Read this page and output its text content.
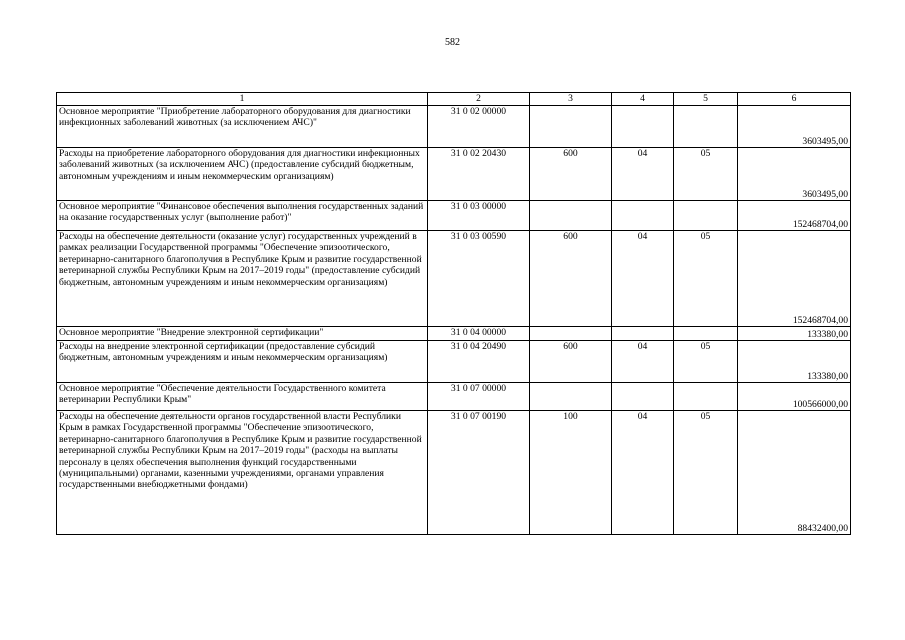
582
1	2	3	4	5	6
Основное мероприятие "Приобретение лабораторного оборудования для диагностики инфекционных заболеваний животных (за исключением АЧС)"	31 0 02 00000				3603495,00
Расходы на приобретение лабораторного оборудования для диагностики инфекционных заболеваний животных (за исключением АЧС) (предоставление субсидий бюджетным, автономным учреждениям и иным некоммерческим организациям)	31 0 02 20430	600	04	05	3603495,00
Основное мероприятие "Финансовое обеспечения выполнения государственных заданий на оказание государственных услуг (выполнение работ)"	31 0 03 00000				152468704,00
Расходы на обеспечение деятельности (оказание услуг) государственных учреждений в рамках реализации Государственной программы "Обеспечение эпизоотического, ветеринарно-санитарного благополучия в Республике Крым и развитие государственной ветеринарной службы Республики Крым на 2017–2019 годы" (предоставление субсидий бюджетным, автономным учреждениям и иным некоммерческим организациям)	31 0 03 00590	600	04	05	152468704,00
Основное мероприятие "Внедрение электронной сертификации"	31 0 04 00000				133380,00
Расходы на внедрение электронной сертификации (предоставление субсидий бюджетным, автономным учреждениям и иным некоммерческим организациям)	31 0 04 20490	600	04	05	133380,00
Основное мероприятие "Обеспечение деятельности Государственного комитета ветеринарии Республики Крым"	31 0 07 00000				100566000,00
Расходы на обеспечение деятельности органов государственной власти Республики Крым в рамках Государственной программы "Обеспечение эпизоотического, ветеринарно-санитарного благополучия в Республике Крым и развитие государственной ветеринарной службы Республики Крым на 2017–2019 годы" (расходы на выплаты персоналу в целях обеспечения выполнения функций государственными (муниципальными) органами, казенными учреждениями, органами управления государственными внебюджетными фондами)	31 0 07 00190	100	04	05	88432400,00
